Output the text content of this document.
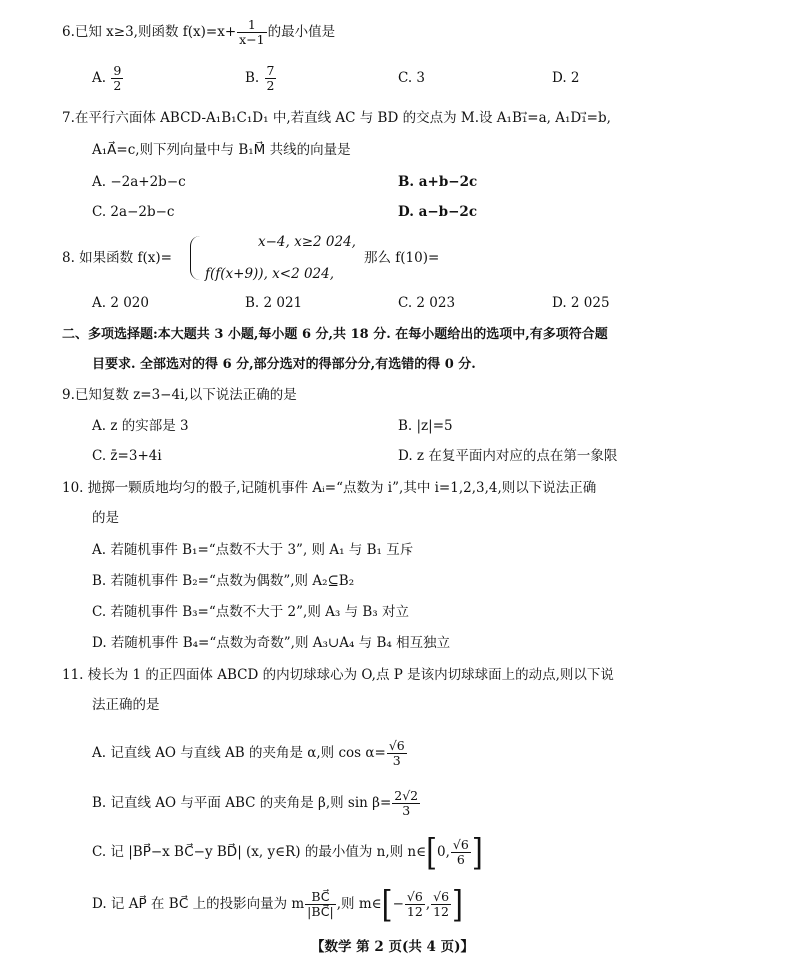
6.已知 x≥3,则函数 $f(x)=x+ \frac{1}{x-1}$ 的最小值是
A. $\frac{9}{2}$	B. $\frac{7}{2}$	C. 3	D. 2
7.在平行六面体 ABCD-A₁B₁C₁D₁ 中,若直线 AC 与 BD 的交点为 M.设 A₁B₁⃗=a, A₁D₁⃗=b,
A₁A⃗=c,则下列向量中与 B₁M⃗ 共线的向量是
A. −2a+2b−c	B. a+b−2c
C. 2a−2b−c	D. a−b−2c
8. 如果函数 f(x)=
x−4, x≥2 024,
f(f(x+9)), x<2 024,
那么 f(10)=
A. 2 020	B. 2 021	C. 2 023	D. 2 025
二、多项选择题:本大题共 3 小题,每小题 6 分,共 18 分. 在每小题给出的选项中,有多项符合题
目要求. 全部选对的得 6 分,部分选对的得部分分,有选错的得 0 分.
9.已知复数 z=3−4i,以下说法正确的是
A. z 的实部是 3	B. |z|=5
C. z̄=3+4i	D. z 在复平面内对应的点在第一象限
10. 抛掷一颗质地均匀的骰子,记随机事件 Aᵢ=“点数为 i”,其中 i=1,2,3,4,则以下说法正确
的是
A. 若随机事件 B₁=“点数不大于 3”, 则 A₁ 与 B₁ 互斥
B. 若随机事件 B₂=“点数为偶数”,则 A₂⊆B₂
C. 若随机事件 B₃=“点数不大于 2”,则 A₃ 与 B₃ 对立
D. 若随机事件 B₄=“点数为奇数”,则 A₃∪A₄ 与 B₄ 相互独立
11. 棱长为 1 的正四面体 ABCD 的内切球球心为 O,点 P 是该内切球球面上的动点,则以下说
法正确的是
A. 记直线 AO 与直线 AB 的夹角是 α,则 $\cos \alpha= \frac{√6}{3}$
B. 记直线 AO 与平面 ABC 的夹角是 β,则 $\sin \beta= \frac{2√2}{3}$
C. 记 |BP⃗−x BC⃗−y BD⃗| (x, y∈R) 的最小值为 n,则 n∈[0, $\frac{√6}{6}$ ]
D. 记 AP⃗ 在 BC⃗ 上的投影向量为 m $\frac{BC⃗}{|BC⃗|}$ ,则 m∈[− $\frac{√6}{12}$ , $\frac{√6}{12}$ ]
【数学 第 2 页(共 4 页)】
